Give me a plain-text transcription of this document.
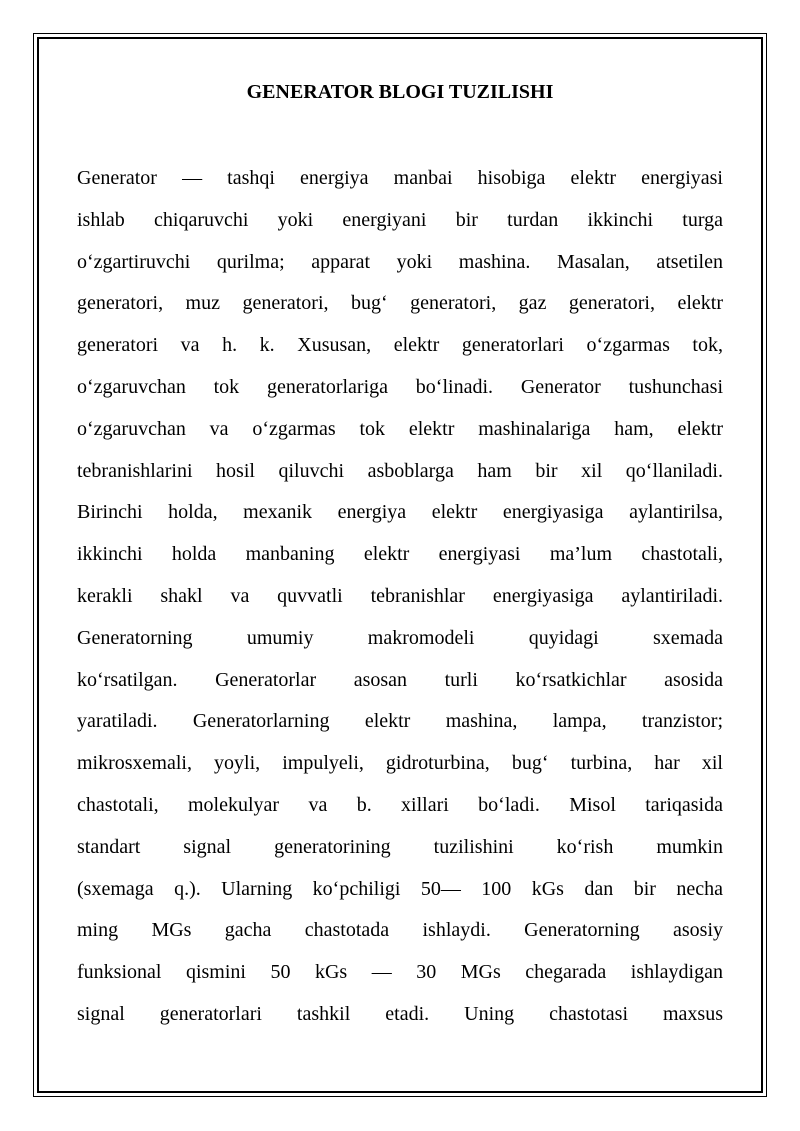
GENERATOR BLOGI TUZILISHI
Generator — tashqi energiya manbai hisobiga elektr energiyasi
ishlab chiqaruvchi yoki energiyani bir turdan ikkinchi turga
o‘zgartiruvchi qurilma; apparat yoki mashina. Masalan, atsetilen
generatori, muz generatori, bug‘ generatori, gaz generatori, elektr
generatori va h. k. Xususan, elektr generatorlari o‘zgarmas tok,
o‘zgaruvchan tok generatorlariga bo‘linadi. Generator tushunchasi
o‘zgaruvchan va o‘zgarmas tok elektr mashinalariga ham, elektr
tebranishlarini hosil qiluvchi asboblarga ham bir xil qo‘llaniladi.
Birinchi holda, mexanik energiya elektr energiyasiga aylantirilsa,
ikkinchi holda manbaning elektr energiyasi ma’lum chastotali,
kerakli shakl va quvvatli tebranishlar energiyasiga aylantiriladi.
Generatorning umumiy makromodeli quyidagi sxemada
ko‘rsatilgan. Generatorlar asosan turli ko‘rsatkichlar asosida
yaratiladi. Generatorlarning elektr mashina, lampa, tranzistor;
mikrosxemali, yoyli, impulyeli, gidroturbina, bug‘ turbina, har xil
chastotali, molekulyar va b. xillari bo‘ladi. Misol tariqasida
standart signal generatorining tuzilishini ko‘rish mumkin
(sxemaga q.). Ularning ko‘pchiligi 50— 100 kGs dan bir necha
ming MGs gacha chastotada ishlaydi. Generatorning asosiy
funksional qismini 50 kGs — 30 MGs chegarada ishlaydigan
signal generatorlari tashkil etadi. Uning chastotasi maxsus
